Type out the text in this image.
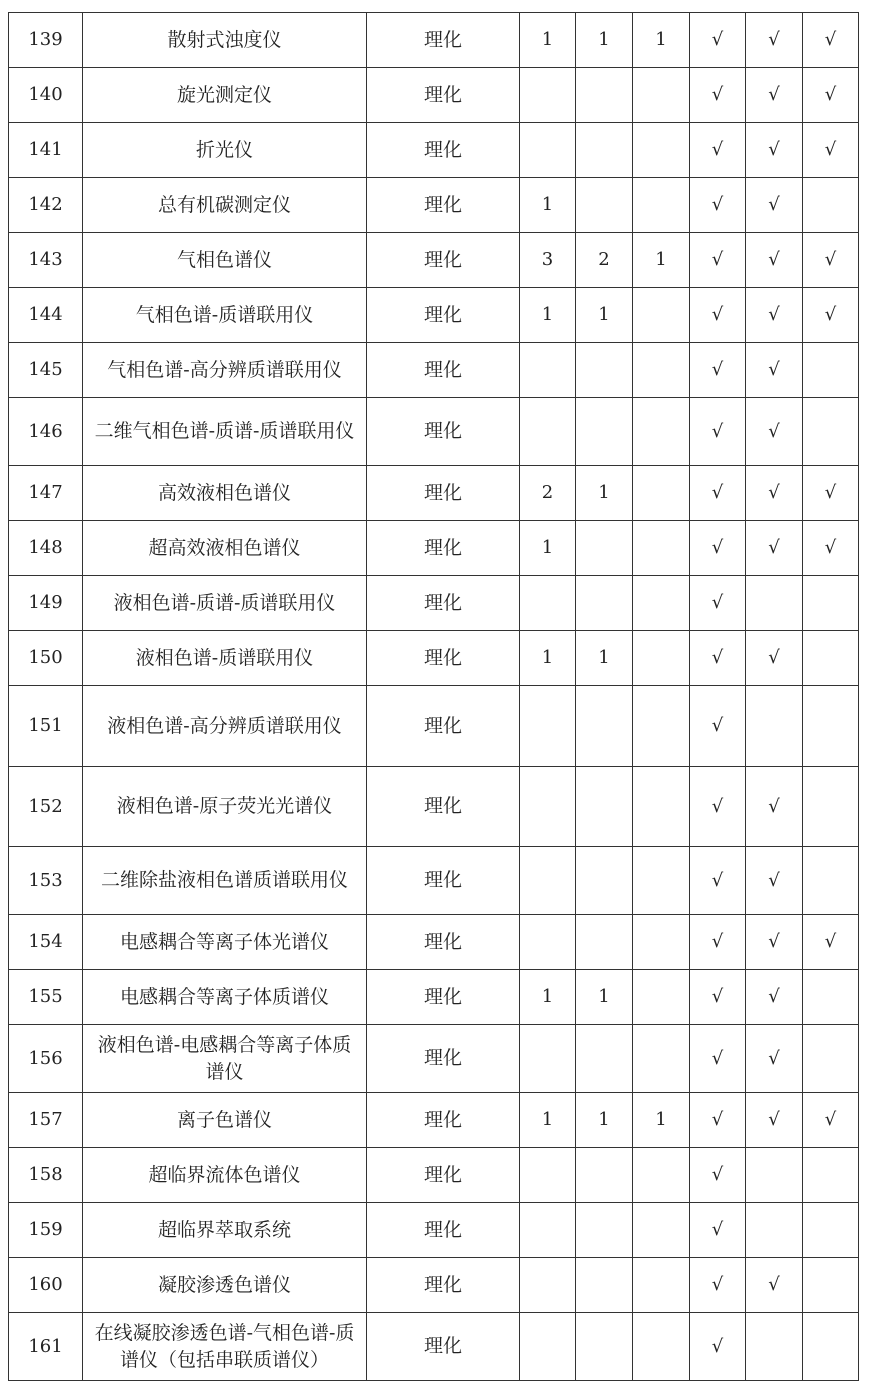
139	散射式浊度仪	理化	1	1	1	√	√	√
140	旋光测定仪	理化				√	√	√
141	折光仪	理化				√	√	√
142	总有机碳测定仪	理化	1			√	√	
143	气相色谱仪	理化	3	2	1	√	√	√
144	气相色谱-质谱联用仪	理化	1	1		√	√	√
145	气相色谱-高分辨质谱联用仪	理化				√	√	
146	二维气相色谱-质谱-质谱联用仪	理化				√	√	
147	高效液相色谱仪	理化	2	1		√	√	√
148	超高效液相色谱仪	理化	1			√	√	√
149	液相色谱-质谱-质谱联用仪	理化				√		
150	液相色谱-质谱联用仪	理化	1	1		√	√	
151	液相色谱-高分辨质谱联用仪	理化				√		
152	液相色谱-原子荧光光谱仪	理化				√	√	
153	二维除盐液相色谱质谱联用仪	理化				√	√	
154	电感耦合等离子体光谱仪	理化				√	√	√
155	电感耦合等离子体质谱仪	理化	1	1		√	√	
156	液相色谱-电感耦合等离子体质谱仪	理化				√	√	
157	离子色谱仪	理化	1	1	1	√	√	√
158	超临界流体色谱仪	理化				√		
159	超临界萃取系统	理化				√		
160	凝胶渗透色谱仪	理化				√	√	
161	在线凝胶渗透色谱-气相色谱-质谱仪（包括串联质谱仪）	理化				√		
